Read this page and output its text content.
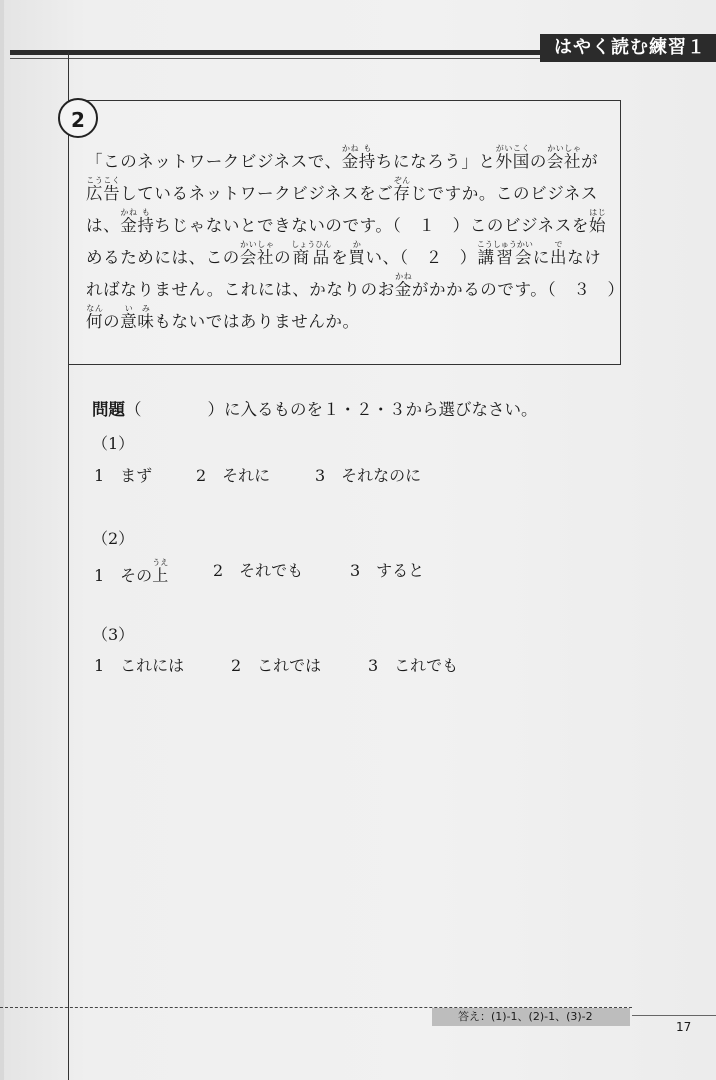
はやく読む練習１
2
「このネットワークビジネスで、 金かね
持も
ちになろう」と 外国がいこく
の 会社かいしゃ
が
広告こうこく
しているネットワークビジネスをご 存ぞん
じですか。このビジネス
は、 金かね
持も
ちじゃないとできないのです。（　１　）このビジネスを 始はじ
めるためには、この 会社かいしゃ
の 商品しょうひん
を 買か
い、（　２　） 講習会こうしゅうかい
に 出で
なけ
ればなりません。これには、かなりのお 金かね
がかかるのです。（　３　）
何なん
の 意味いみ
もないではありませんか。
問題（　　　　）に入るものを１・２・３から選びなさい。
（1）
1　まず	2　それに	3　それなのに
（2）
1　その上うえ	2　それでも	3　すると
（3）
1　これには	2　これでは	3　これでも
答え：(1)-1、(2)-1、(3)-2
17
